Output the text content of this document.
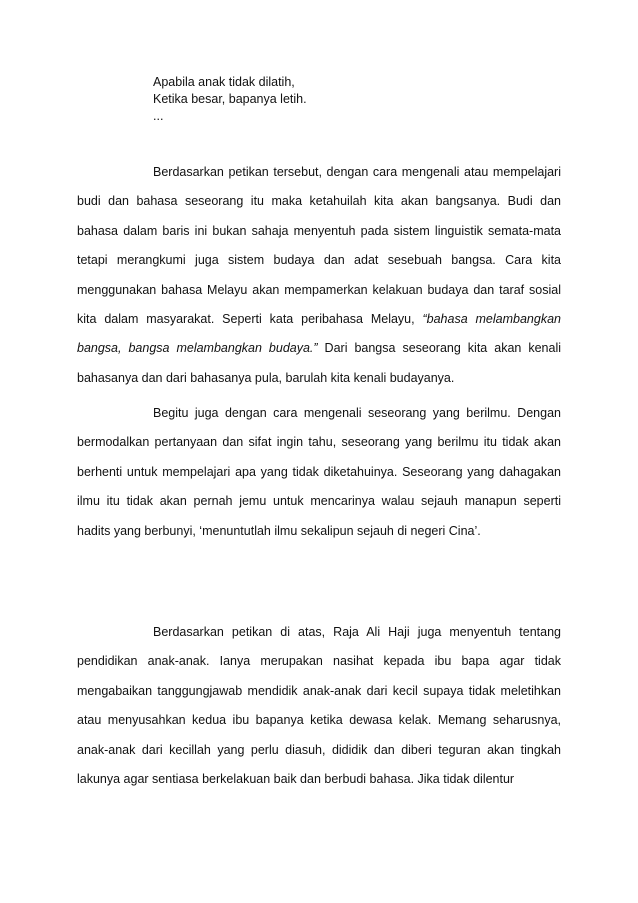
Apabila anak tidak dilatih,
Ketika besar, bapanya letih.
...

Berdasarkan petikan tersebut, dengan cara mengenali atau mempelajari budi dan bahasa seseorang itu maka ketahuilah kita akan bangsanya. Budi dan bahasa dalam baris ini bukan sahaja menyentuh pada sistem linguistik semata-mata tetapi merangkumi juga sistem budaya dan adat sesebuah bangsa. Cara kita menggunakan bahasa Melayu akan mempamerkan kelakuan budaya dan taraf sosial kita dalam masyarakat. Seperti kata peribahasa Melayu, “bahasa melambangkan bangsa, bangsa melambangkan budaya.” Dari bangsa seseorang kita akan kenali bahasanya dan dari bahasanya pula, barulah kita kenali budayanya.

Begitu juga dengan cara mengenali seseorang yang berilmu. Dengan bermodalkan pertanyaan dan sifat ingin tahu, seseorang yang berilmu itu tidak akan berhenti untuk mempelajari apa yang tidak diketahuinya. Seseorang yang dahagakan ilmu itu tidak akan pernah jemu untuk mencarinya walau sejauh manapun seperti hadits yang berbunyi, ‘menuntutlah ilmu sekalipun sejauh di negeri Cina’.

Berdasarkan petikan di atas, Raja Ali Haji juga menyentuh tentang pendidikan anak-anak. Ianya merupakan nasihat kepada ibu bapa agar tidak mengabaikan tanggungjawab mendidik anak-anak dari kecil supaya tidak meletihkan atau menyusahkan kedua ibu bapanya ketika dewasa kelak. Memang seharusnya, anak-anak dari kecillah yang perlu diasuh, dididik dan diberi teguran akan tingkah lakunya agar sentiasa berkelakuan baik dan berbudi bahasa. Jika tidak dilentur
